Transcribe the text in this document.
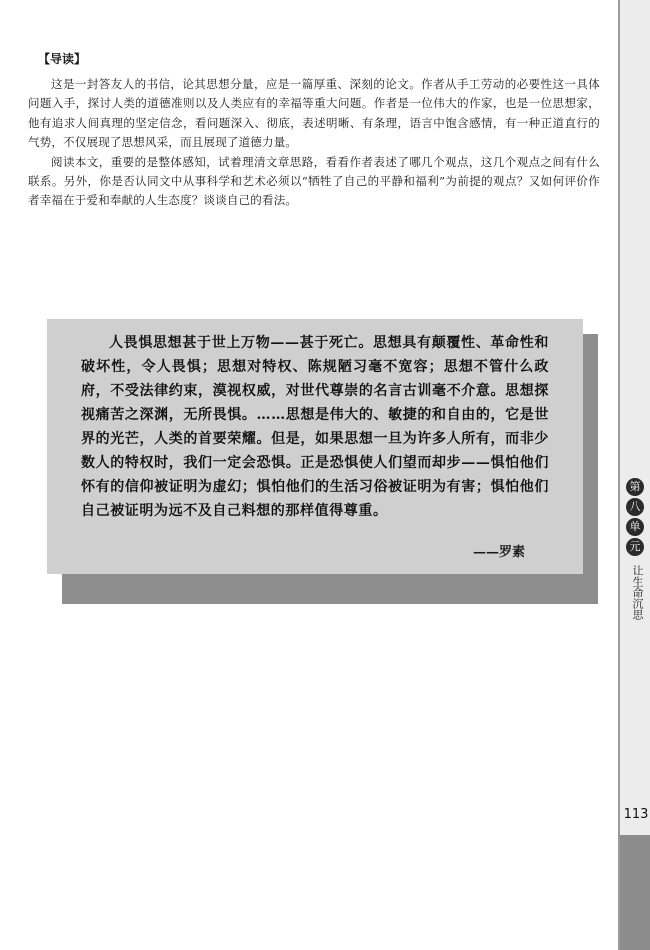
第
八
单
元
让生命沉思
113
【导读】

这是一封答友人的书信，论其思想分量，应是一篇厚重、深刻的论文。作者从手工劳动的必要性这一具体问题入手，探讨人类的道德准则以及人类应有的幸福等重大问题。作者是一位伟大的作家，也是一位思想家，他有追求人间真理的坚定信念，看问题深入、彻底，表述明晰、有条理，语言中饱含感情，有一种正道直行的气势，不仅展现了思想风采，而且展现了道德力量。

阅读本文，重要的是整体感知，试着理清文章思路，看看作者表述了哪几个观点，这几个观点之间有什么联系。另外，你是否认同文中从事科学和艺术必须以“牺牲了自己的平静和福利”为前提的观点？又如何评价作者幸福在于爱和奉献的人生态度？谈谈自己的看法。

人畏惧思想甚于世上万物——甚于死亡。思想具有颠覆性、革命性和破坏性，令人畏惧；思想对特权、陈规陋习毫不宽容；思想不管什么政府，不受法律约束，漠视权威，对世代尊崇的名言古训毫不介意。思想探视痛苦之深渊，无所畏惧。……思想是伟大的、敏捷的和自由的，它是世界的光芒，人类的首要荣耀。但是，如果思想一旦为许多人所有，而非少数人的特权时，我们一定会恐惧。正是恐惧使人们望而却步——惧怕他们怀有的信仰被证明为虚幻；惧怕他们的生活习俗被证明为有害；惧怕他们自己被证明为远不及自己料想的那样值得尊重。

——罗素
